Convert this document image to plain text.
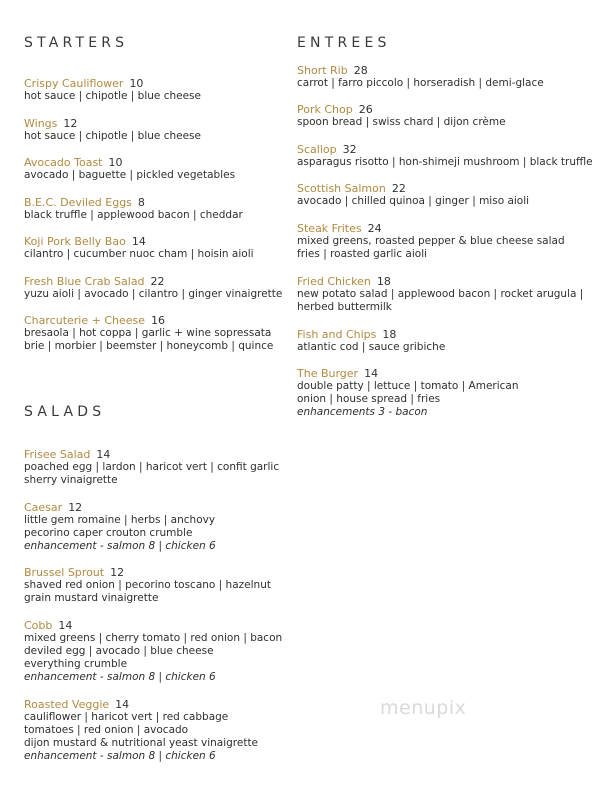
STARTERS
Crispy Cauliflower 10
hot sauce | chipotle | blue cheese
Wings 12
hot sauce | chipotle | blue cheese
Avocado Toast 10
avocado | baguette | pickled vegetables
B.E.C. Deviled Eggs 8
black truffle | applewood bacon | cheddar
Koji Pork Belly Bao 14
cilantro | cucumber nuoc cham | hoisin aioli
Fresh Blue Crab Salad 22
yuzu aioli | avocado | cilantro | ginger vinaigrette
Charcuterie + Cheese 16
bresaola | hot coppa | garlic + wine sopressata
brie | morbier | beemster | honeycomb | quince
SALADS
Frisee Salad 14
poached egg | lardon | haricot vert | confit garlic
sherry vinaigrette
Caesar 12
little gem romaine | herbs | anchovy
pecorino caper crouton crumble
enhancement - salmon 8 | chicken 6
Brussel Sprout 12
shaved red onion | pecorino toscano | hazelnut
grain mustard vinaigrette
Cobb 14
mixed greens | cherry tomato | red onion | bacon
deviled egg | avocado | blue cheese
everything crumble
enhancement - salmon 8 | chicken 6
Roasted Veggie 14
cauliflower | haricot vert | red cabbage
tomatoes | red onion | avocado
dijon mustard & nutritional yeast vinaigrette
enhancement - salmon 8 | chicken 6
ENTREES
Short Rib 28
carrot | farro piccolo | horseradish | demi-glace
Pork Chop 26
spoon bread | swiss chard | dijon crème
Scallop 32
asparagus risotto | hon-shimeji mushroom | black truffle
Scottish Salmon 22
avocado | chilled quinoa | ginger | miso aioli
Steak Frites 24
mixed greens, roasted pepper & blue cheese salad
fries | roasted garlic aioli
Fried Chicken 18
new potato salad | applewood bacon | rocket arugula |
herbed buttermilk
Fish and Chips 18
atlantic cod | sauce gribiche
The Burger 14
double patty | lettuce | tomato | American
onion | house spread | fries
enhancements 3 - bacon
menupix
